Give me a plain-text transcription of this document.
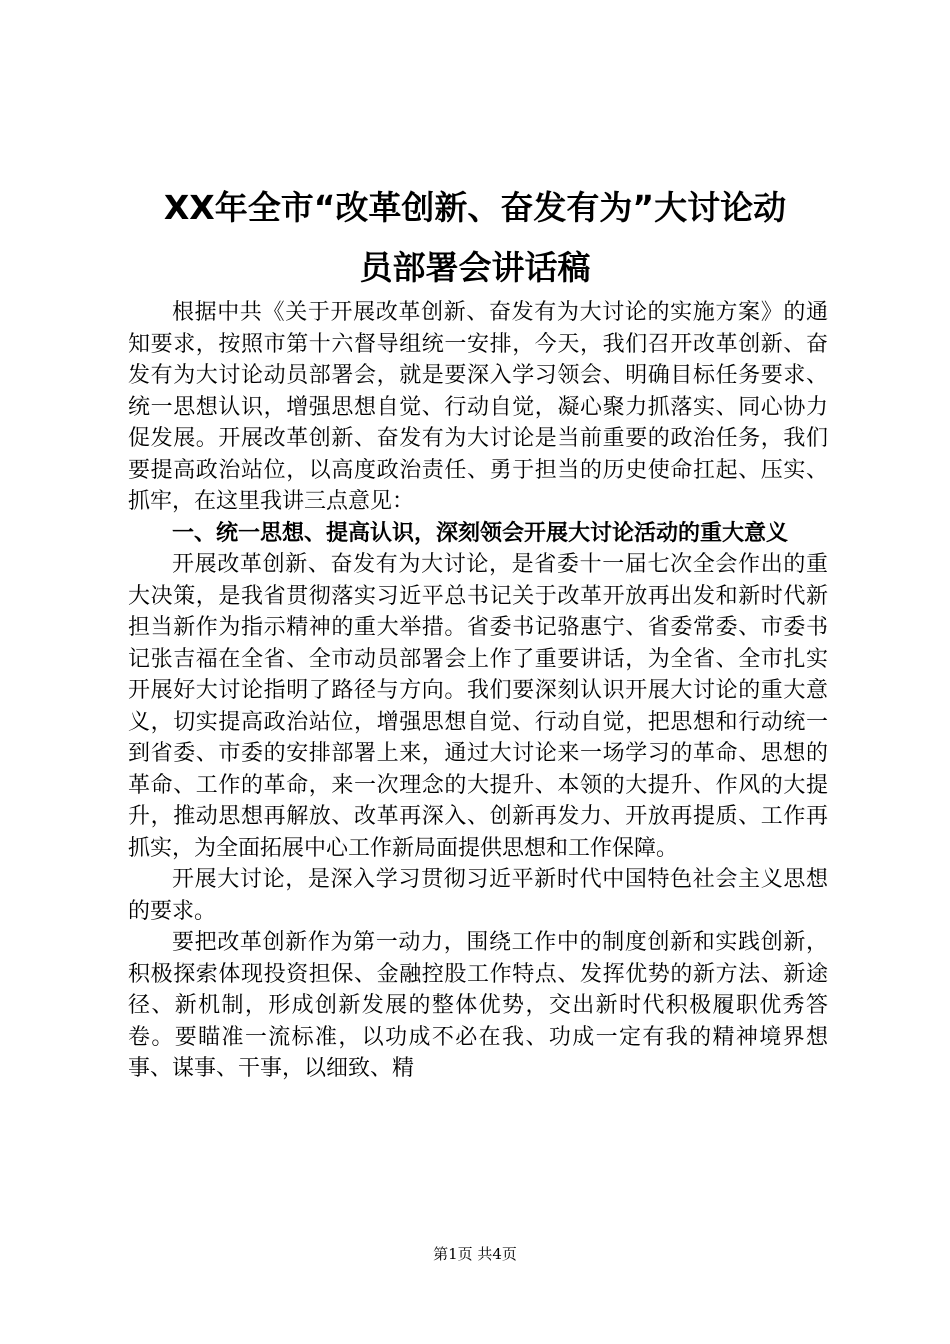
XX年全市“改革创新、奋发有为”大讨论动
员部署会讲话稿

根据中共《关于开展改革创新、奋发有为大讨论的实施方案》的通知要求，按照市第十六督导组统一安排，今天，我们召开改革创新、奋发有为大讨论动员部署会，就是要深入学习领会、明确目标任务要求、统一思想认识，增强思想自觉、行动自觉，凝心聚力抓落实、同心协力促发展。开展改革创新、奋发有为大讨论是当前重要的政治任务，我们要提高政治站位，以高度政治责任、勇于担当的历史使命扛起、压实、抓牢，在这里我讲三点意见：

一、统一思想、提高认识，深刻领会开展大讨论活动的重大意义

开展改革创新、奋发有为大讨论，是省委十一届七次全会作出的重大决策，是我省贯彻落实习近平总书记关于改革开放再出发和新时代新担当新作为指示精神的重大举措。省委书记骆惠宁、省委常委、市委书记张吉福在全省、全市动员部署会上作了重要讲话，为全省、全市扎实开展好大讨论指明了路径与方向。我们要深刻认识开展大讨论的重大意义，切实提高政治站位，增强思想自觉、行动自觉，把思想和行动统一到省委、市委的安排部署上来，通过大讨论来一场学习的革命、思想的革命、工作的革命，来一次理念的大提升、本领的大提升、作风的大提升，推动思想再解放、改革再深入、创新再发力、开放再提质、工作再抓实，为全面拓展中心工作新局面提供思想和工作保障。

开展大讨论，是深入学习贯彻习近平新时代中国特色社会主义思想的要求。

要把改革创新作为第一动力，围绕工作中的制度创新和实践创新，积极探索体现投资担保、金融控股工作特点、发挥优势的新方法、新途径、新机制，形成创新发展的整体优势，交出新时代积极履职优秀答卷。要瞄准一流标准，以功成不必在我、功成一定有我的精神境界想事、谋事、干事，以细致、精

第1页 共4页
